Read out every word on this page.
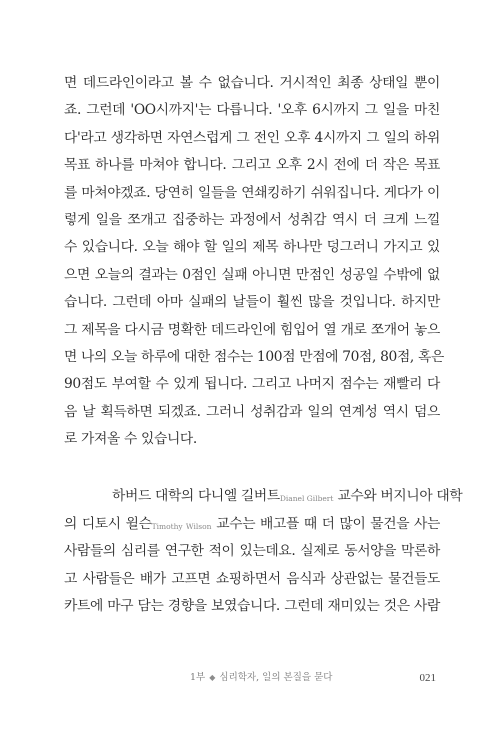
면 데드라인이라고 볼 수 없습니다. 거시적인 최종 상태일 뿐이
죠. 그런데 'OO시까지'는 다릅니다. '오후 6시까지 그 일을 마친
다'라고 생각하면 자연스럽게 그 전인 오후 4시까지 그 일의 하위
목표 하나를 마쳐야 합니다. 그리고 오후 2시 전에 더 작은 목표
를 마쳐야겠죠. 당연히 일들을 연쇄킹하기 쉬워집니다. 게다가 이
렇게 일을 쪼개고 집중하는 과정에서 성취감 역시 더 크게 느낄
수 있습니다. 오늘 해야 할 일의 제목 하나만 덩그러니 가지고 있
으면 오늘의 결과는 0점인 실패 아니면 만점인 성공일 수밖에 없
습니다. 그런데 아마 실패의 날들이 훨씬 많을 것입니다. 하지만
그 제목을 다시금 명확한 데드라인에 힘입어 열 개로 쪼개어 놓으
면 나의 오늘 하루에 대한 점수는 100점 만점에 70점, 80점, 혹은
90점도 부여할 수 있게 됩니다. 그리고 나머지 점수는 재빨리 다
음 날 획득하면 되겠죠. 그러니 성취감과 일의 연계성 역시 덤으
로 가져올 수 있습니다.
하버드 대학의 다니엘 길버트Dianel Gilbert 교수와 버지니아 대학
의 디토시 윌슨Timothy Wilson 교수는 배고플 때 더 많이 물건을 사는
사람들의 심리를 연구한 적이 있는데요. 실제로 동서양을 막론하
고 사람들은 배가 고프면 쇼핑하면서 음식과 상관없는 물건들도
카트에 마구 담는 경향을 보였습니다. 그런데 재미있는 것은 사람
1부 ◆ 심리학자, 일의 본질을 묻다	021
